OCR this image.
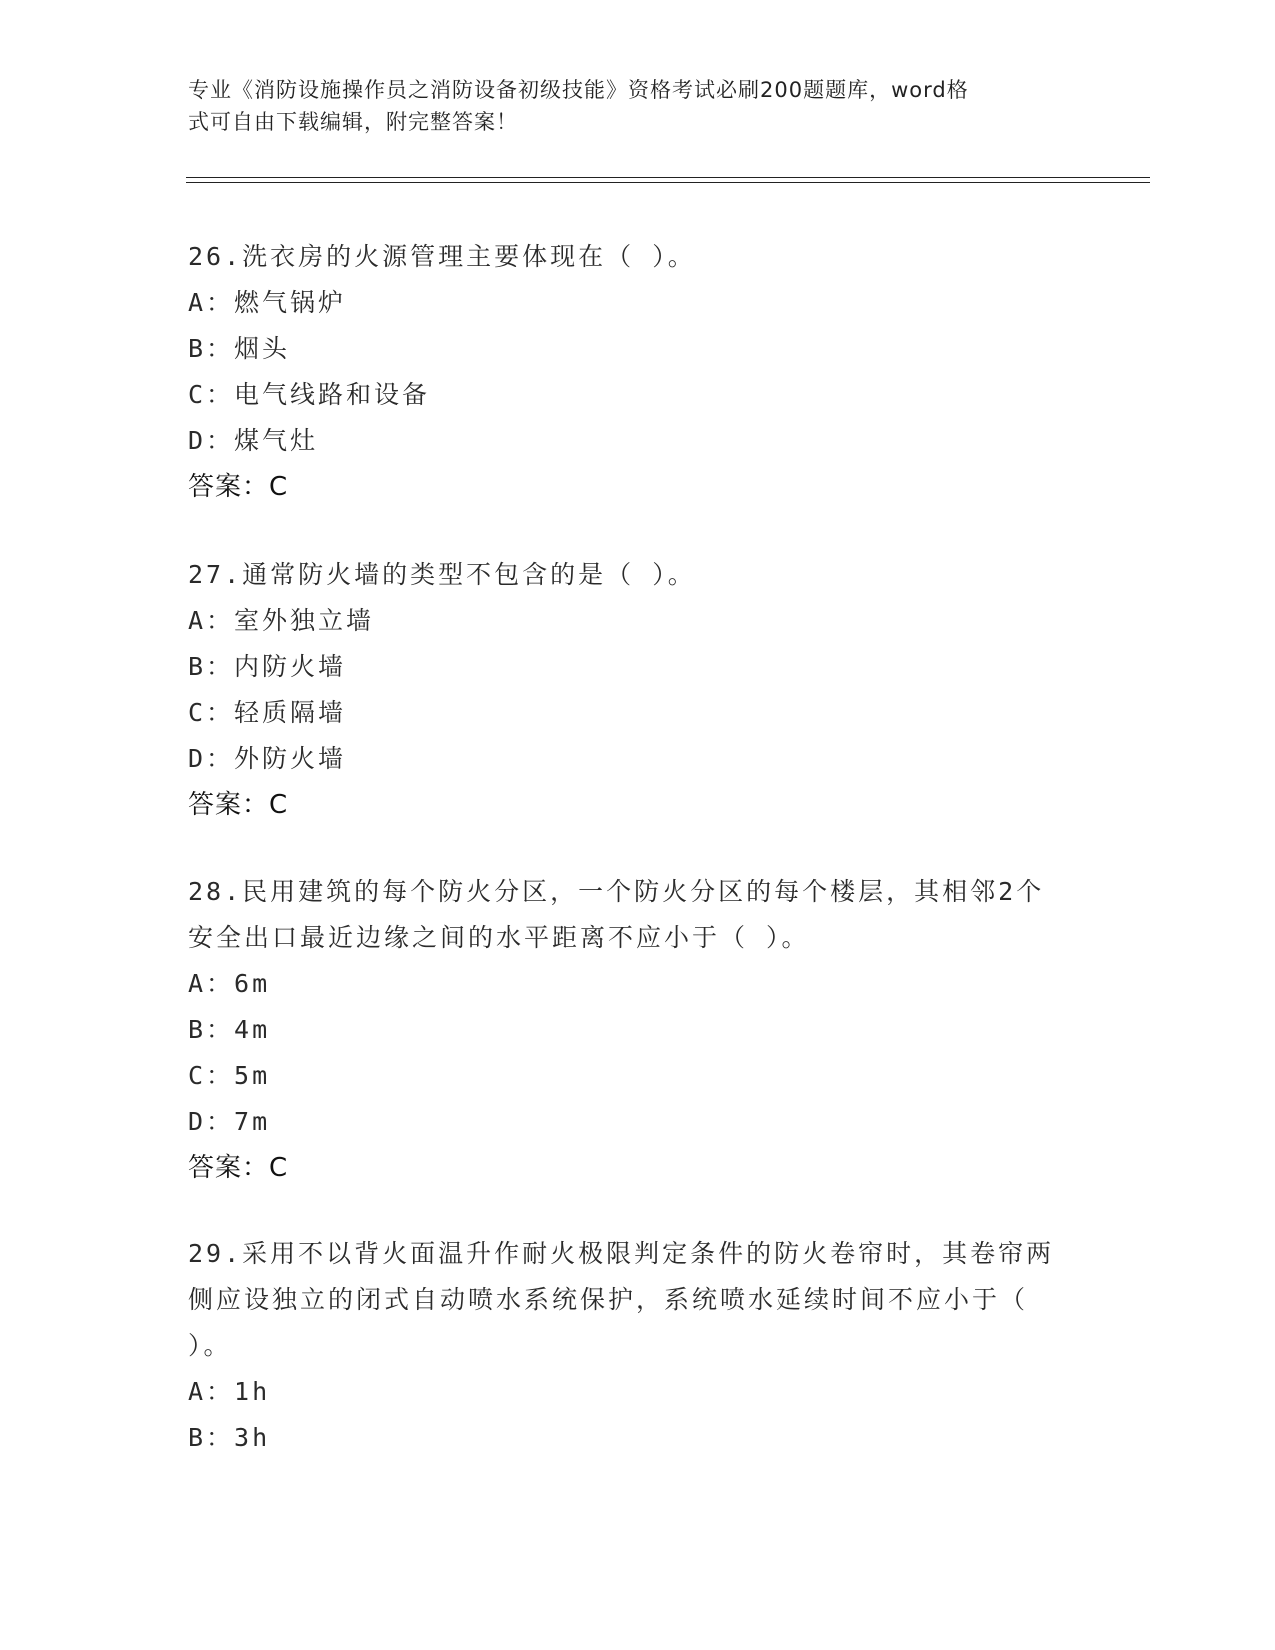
专业《消防设施操作员之消防设备初级技能》资格考试必刷200题题库，word格
式可自由下载编辑，附完整答案！

26.洗衣房的火源管理主要体现在（ ）。

A：燃气锅炉

B：烟头

C：电气线路和设备

D：煤气灶

答案：C

27.通常防火墙的类型不包含的是（ ）。

A：室外独立墙

B：内防火墙

C：轻质隔墙

D：外防火墙

答案：C

28.民用建筑的每个防火分区，一个防火分区的每个楼层，其相邻2个

安全出口最近边缘之间的水平距离不应小于（ ）。

A：6m

B：4m

C：5m

D：7m

答案：C

29.采用不以背火面温升作耐火极限判定条件的防火卷帘时，其卷帘两

侧应设独立的闭式自动喷水系统保护，系统喷水延续时间不应小于（

）。

A：1h

B：3h
